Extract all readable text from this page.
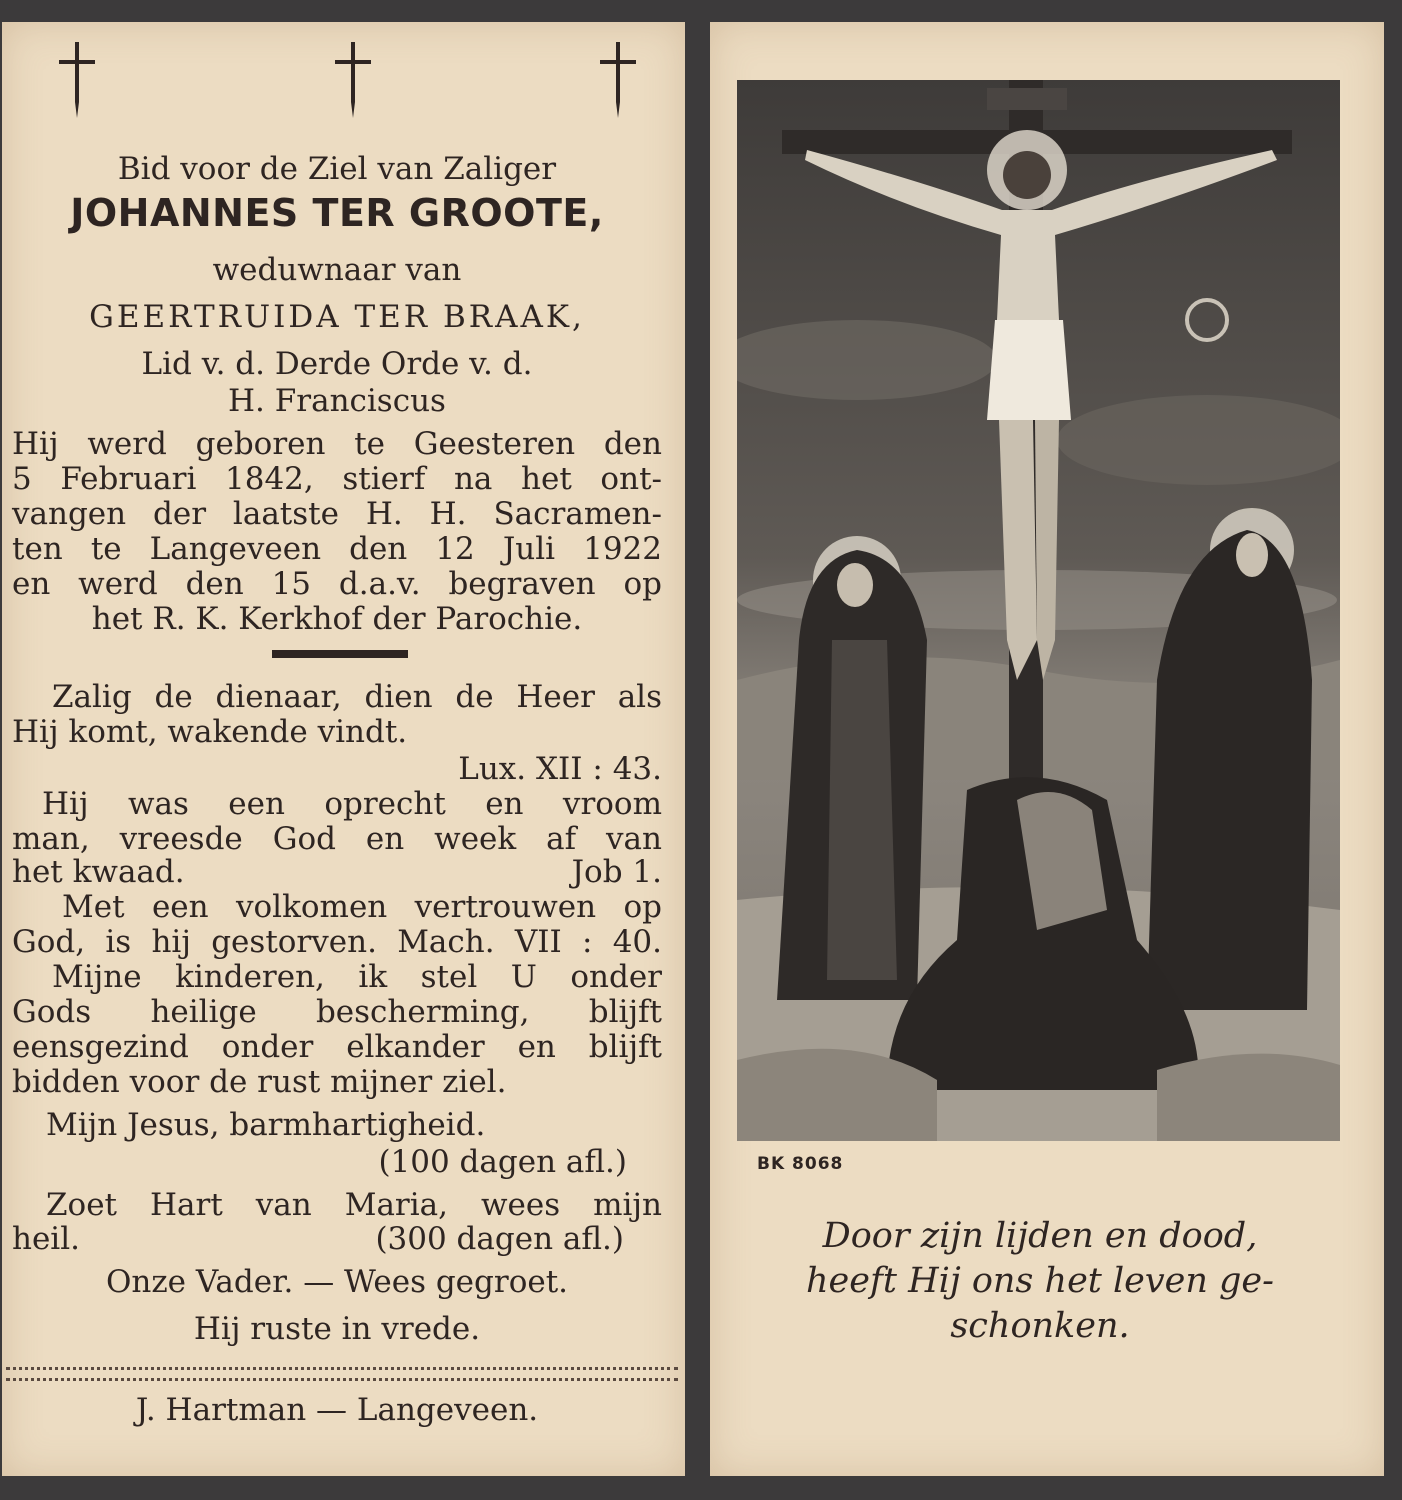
Bid voor de Ziel van Zaliger
JOHANNES TER GROOTE,
weduwnaar van
GEERTRUIDA TER BRAAK,
Lid v. d. Derde Orde v. d.
H. Franciscus
Hij werd geboren te Geesteren den
5 Februari 1842, stierf na het ont-
vangen der laatste H. H. Sacramen-
ten te Langeveen den 12 Juli 1922
en werd den 15 d.a.v. begraven op
het R. K. Kerkhof der Parochie.
Zalig de dienaar, dien de Heer als
Hij komt, wakende vindt.
Lux. XII : 43.
Hij was een oprecht en vroom
man, vreesde God en week af van
het kwaad.	Job 1.
Met een volkomen vertrouwen op
God, is hij gestorven. Mach. VII : 40.
Mijne kinderen, ik stel U onder
Gods heilige bescherming, blijft
eensgezind onder elkander en blijft
bidden voor de rust mijner ziel.
Mijn Jesus, barmhartigheid.
(100 dagen afl.)
Zoet Hart van Maria, wees mijn
heil.	(300 dagen afl.)
Onze Vader. — Wees gegroet.
Hij ruste in vrede.
J. Hartman — Langeveen.
BK 8068
Door zijn lijden en dood,
heeft Hij ons het leven ge-
schonken.
